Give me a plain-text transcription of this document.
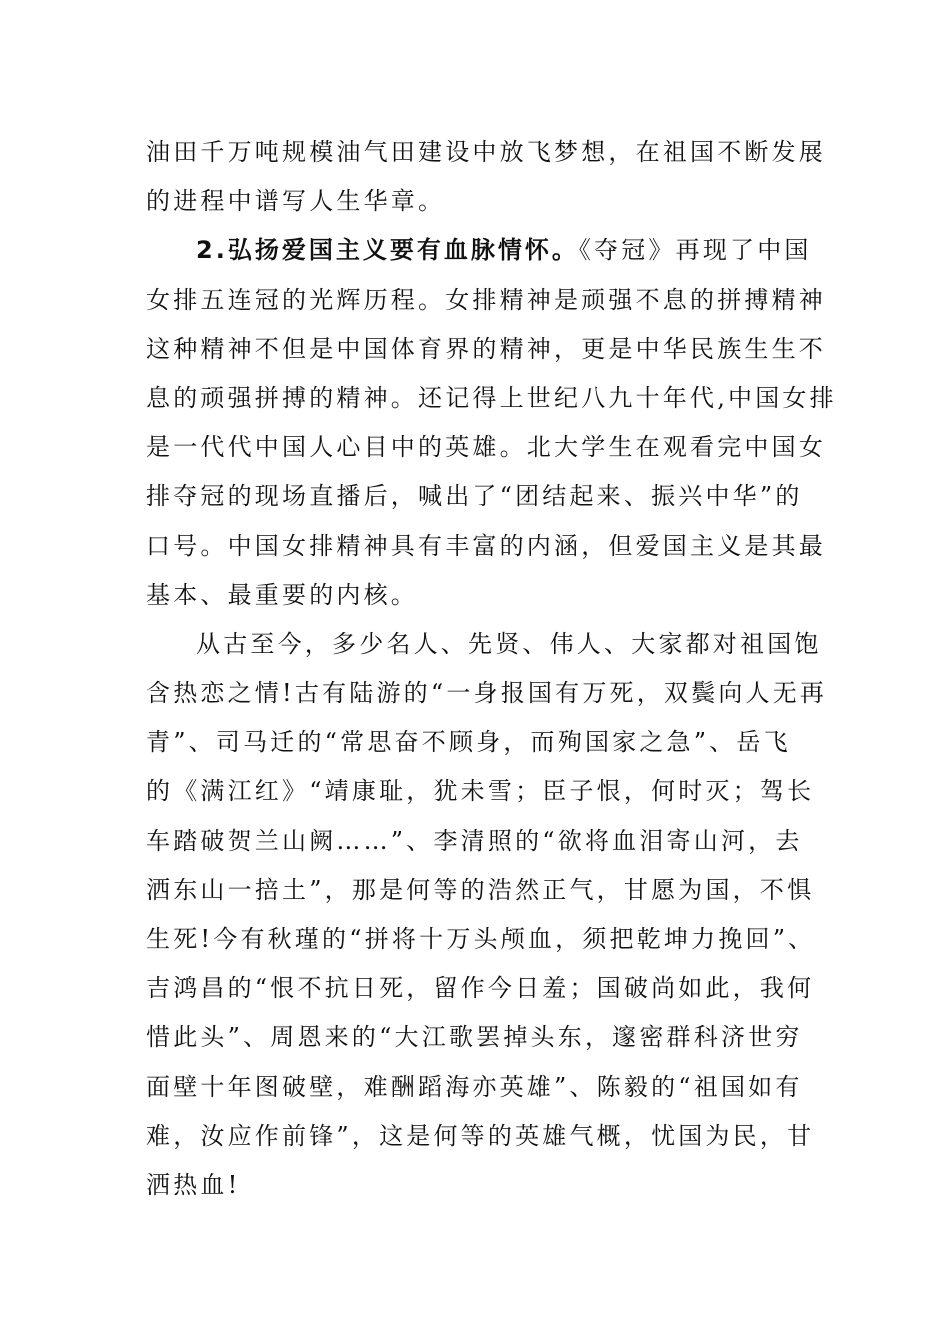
油田千万吨规模油气田建设中放飞梦想，在祖国不断发展
的进程中谱写人生华章。
2.弘扬爱国主义要有血脉情怀。《夺冠》再现了中国
女排五连冠的光辉历程。女排精神是顽强不息的拼搏精神
这种精神不但是中国体育界的精神，更是中华民族生生不
息的顽强拼搏的精神。还记得上世纪八九十年代,中国女排
是一代代中国人心目中的英雄。北大学生在观看完中国女
排夺冠的现场直播后，喊出了“团结起来、振兴中华”的
口号。中国女排精神具有丰富的内涵，但爱国主义是其最
基本、最重要的内核。
从古至今，多少名人、先贤、伟人、大家都对祖国饱
含热恋之情!古有陆游的“一身报国有万死，双鬓向人无再
青”、司马迁的“常思奋不顾身，而殉国家之急”、岳飞
的《满江红》“靖康耻，犹未雪；臣子恨，何时灭；驾长
车踏破贺兰山阙……”、李清照的“欲将血泪寄山河，去
洒东山一掊土”，那是何等的浩然正气，甘愿为国，不惧
生死!今有秋瑾的“拼将十万头颅血，须把乾坤力挽回”、
吉鸿昌的“恨不抗日死，留作今日羞；国破尚如此，我何
惜此头”、周恩来的“大江歌罢掉头东，邃密群科济世穷
面壁十年图破壁，难酬蹈海亦英雄”、陈毅的“祖国如有
难，汝应作前锋”，这是何等的英雄气概，忧国为民，甘
洒热血!
